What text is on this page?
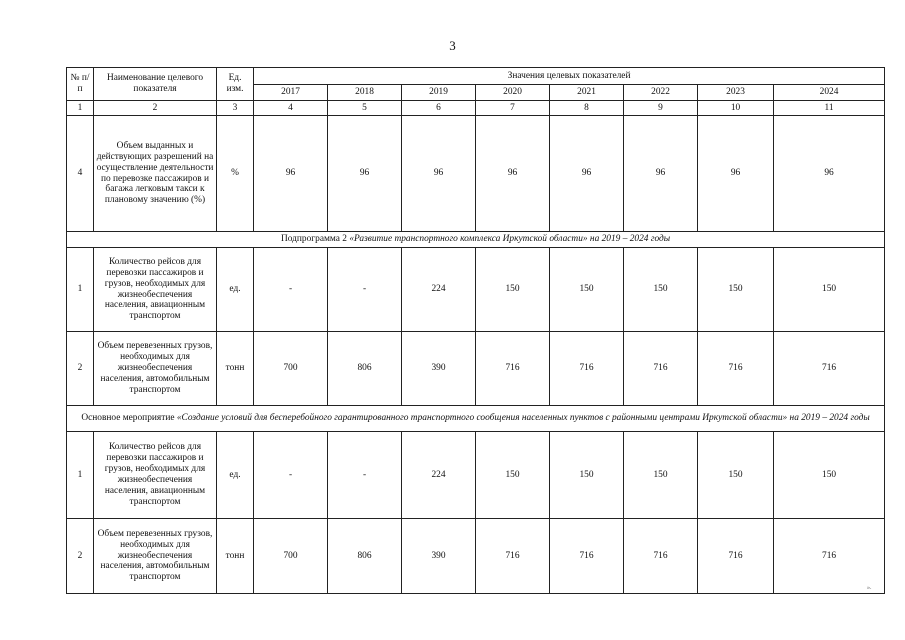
3
№ п/п	Наименование целевого показателя	Ед. изм.	Значения целевых показателей							
			2017	2018	2019	2020	2021	2022	2023	2024
1	2	3	4	5	6	7	8	9	10	11
4	Объем выданных и действующих разрешений на осуществление деятельности по перевозке пассажиров и багажа легковым такси к плановому значению (%)	%	96	96	96	96	96	96	96	96
Подпрограмма 2 «Развитие транспортного комплекса Иркутской области» на 2019 – 2024 годы										
1	Количество рейсов для перевозки пассажиров и грузов, необходимых для жизнеобеспечения населения, авиационным транспортом	ед.	-	-	224	150	150	150	150	150
2	Объем перевезенных грузов, необходимых для жизнеобеспечения населения, автомобильным транспортом	тонн	700	806	390	716	716	716	716	716
Основное мероприятие «Создание условий для бесперебойного гарантированного транспортного сообщения населенных пунктов с районными центрами Иркутской области» на 2019 – 2024 годы										
1	Количество рейсов для перевозки пассажиров и грузов, необходимых для жизнеобеспечения населения, авиационным транспортом	ед.	-	-	224	150	150	150	150	150
2	Объем перевезенных грузов, необходимых для жизнеобеспечения населения, автомобильным транспортом	тонн	700	806	390	716	716	716	716	716
».
